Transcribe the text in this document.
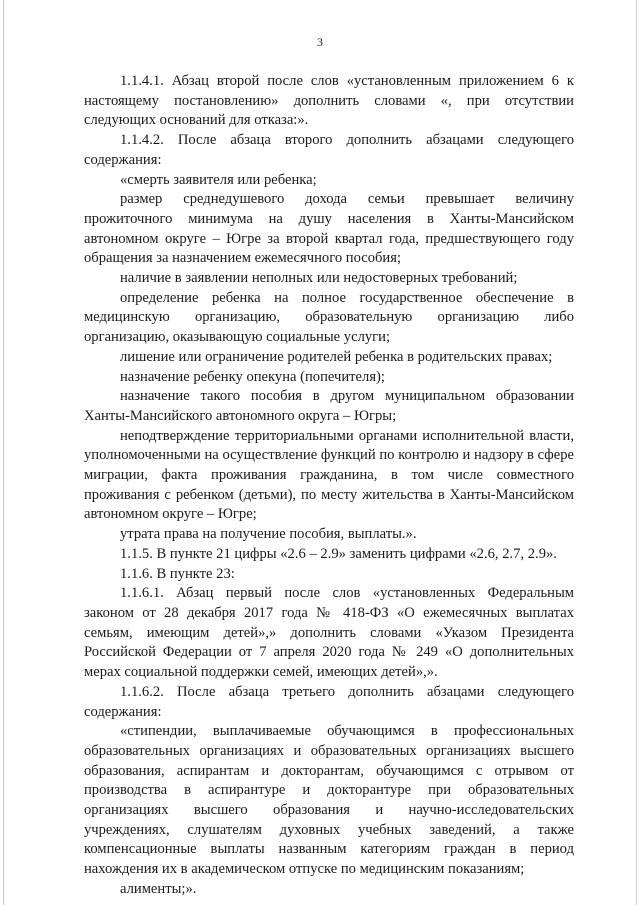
3

1.1.4.1. Абзац второй после слов «установленным приложением 6 к настоящему постановлению» дополнить словами «, при отсутствии следующих оснований для отказа:».

1.1.4.2. После абзаца второго дополнить абзацами следующего содержания:

«смерть заявителя или ребенка;

размер среднедушевого дохода семьи превышает величину прожиточного минимума на душу населения в Ханты-Мансийском автономном округе – Югре за второй квартал года, предшествующего году обращения за назначением ежемесячного пособия;

наличие в заявлении неполных или недостоверных требований;

определение ребенка на полное государственное обеспечение в медицинскую организацию, образовательную организацию либо организацию, оказывающую социальные услуги;

лишение или ограничение родителей ребенка в родительских правах;

назначение ребенку опекуна (попечителя);

назначение такого пособия в другом муниципальном образовании Ханты-Мансийского автономного округа – Югры;

неподтверждение территориальными органами исполнительной власти, уполномоченными на осуществление функций по контролю и надзору в сфере миграции, факта проживания гражданина, в том числе совместного проживания с ребенком (детьми), по месту жительства в Ханты-Мансийском автономном округе – Югре;

утрата права на получение пособия, выплаты.».

1.1.5. В пункте 21 цифры «2.6 – 2.9» заменить цифрами «2.6, 2.7, 2.9».

1.1.6. В пункте 23:

1.1.6.1. Абзац первый после слов «установленных Федеральным законом от 28 декабря 2017 года № 418-ФЗ «О ежемесячных выплатах семьям, имеющим детей»,» дополнить словами «Указом Президента Российской Федерации от 7 апреля 2020 года № 249 «О дополнительных мерах социальной поддержки семей, имеющих детей»,».

1.1.6.2. После абзаца третьего дополнить абзацами следующего содержания:

«стипендии, выплачиваемые обучающимся в профессиональных образовательных организациях и образовательных организациях высшего образования, аспирантам и докторантам, обучающимся с отрывом от производства в аспирантуре и докторантуре при образовательных организациях высшего образования и научно-исследовательских учреждениях, слушателям духовных учебных заведений, а также компенсационные выплаты названным категориям граждан в период нахождения их в академическом отпуске по медицинским показаниям;

алименты;».
